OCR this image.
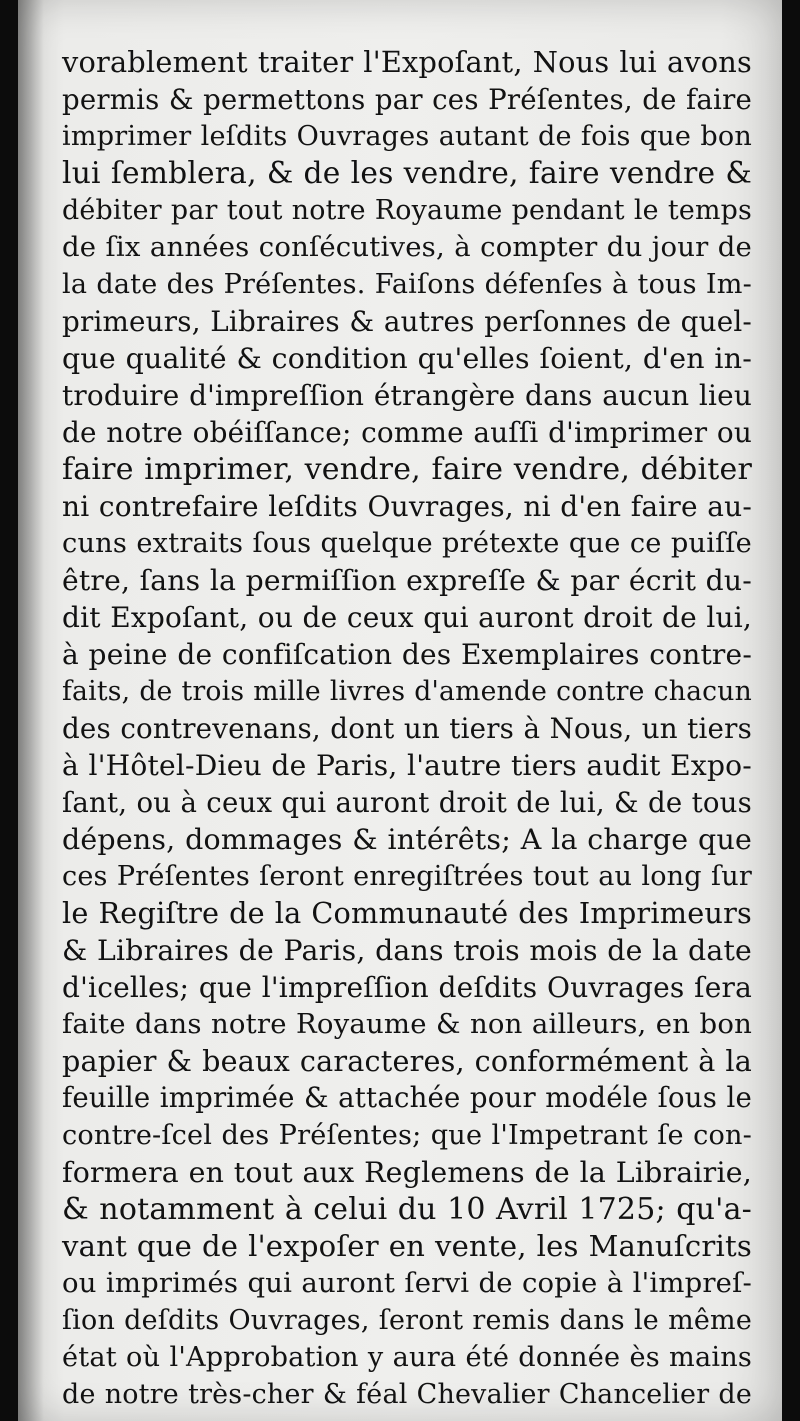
vorablement traiter l'Expoſant, Nous lui avons
permis & permettons par ces Préſentes, de faire
imprimer leſdits Ouvrages autant de fois que bon
lui ſemblera, & de les vendre, faire vendre &
débiter par tout notre Royaume pendant le temps
de ſix années conſécutives, à compter du jour de
la date des Préſentes. Faiſons défenſes à tous Im-
primeurs, Libraires & autres perſonnes de quel-
que qualité & condition qu'elles ſoient, d'en in-
troduire d'impreſſion étrangère dans aucun lieu
de notre obéiſſance; comme auſſi d'imprimer ou
faire imprimer, vendre, faire vendre, débiter
ni contrefaire leſdits Ouvrages, ni d'en faire au-
cuns extraits ſous quelque prétexte que ce puiſſe
être, ſans la permiſſion expreſſe & par écrit du-
dit Expoſant, ou de ceux qui auront droit de lui,
à peine de confiſcation des Exemplaires contre-
faits, de trois mille livres d'amende contre chacun
des contrevenans, dont un tiers à Nous, un tiers
à l'Hôtel-Dieu de Paris, l'autre tiers audit Expo-
ſant, ou à ceux qui auront droit de lui, & de tous
dépens, dommages & intérêts; A la charge que
ces Préſentes ſeront enregiſtrées tout au long ſur
le Regiſtre de la Communauté des Imprimeurs
& Libraires de Paris, dans trois mois de la date
d'icelles; que l'impreſſion deſdits Ouvrages ſera
faite dans notre Royaume & non ailleurs, en bon
papier & beaux caracteres, conformément à la
feuille imprimée & attachée pour modéle ſous le
contre-ſcel des Préſentes; que l'Impetrant ſe con-
formera en tout aux Reglemens de la Librairie,
& notamment à celui du 10 Avril 1725; qu'a-
vant que de l'expoſer en vente, les Manuſcrits
ou imprimés qui auront ſervi de copie à l'impreſ-
ſion deſdits Ouvrages, ſeront remis dans le même
état où l'Approbation y aura été donnée ès mains
de notre très-cher & féal Chevalier Chancelier de
